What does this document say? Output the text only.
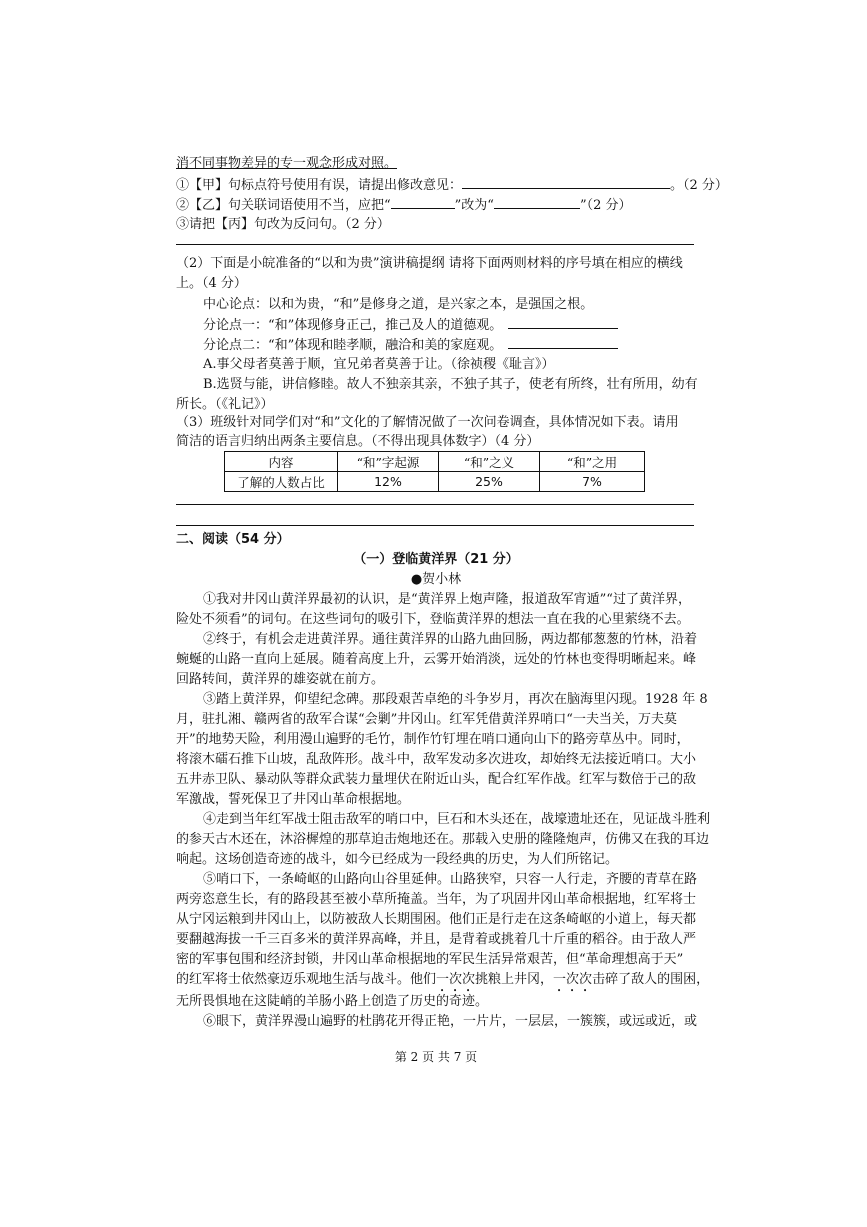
消不同事物差异的专一观念形成对照。
①【甲】句标点符号使用有误，请提出修改意见：	。（2 分）
②【乙】句关联词语使用不当，应把“	”改为“	”（2 分）
③请把【丙】句改为反问句。（2 分）
（2）下面是小皖准备的“以和为贵”演讲稿提纲 请将下面两则材料的序号填在相应的横线
上。（4 分）
中心论点：以和为贵，“和”是修身之道，是兴家之本，是强国之根。
分论点一：“和”体现修身正己，推己及人的道德观。
分论点二：“和”体现和睦孝顺，融洽和美的家庭观。
A.事父母者莫善于顺，宜兄弟者莫善于让。（徐祯稷《耻言》）
B.选贤与能，讲信修睦。故人不独亲其亲，不独子其子，使老有所终，壮有所用，幼有
所长。（《礼记》）
（3）班级针对同学们对“和”文化的了解情况做了一次问卷调查，具体情况如下表。请用
简洁的语言归纳出两条主要信息。（不得出现具体数字）（4 分）
内容	“和”字起源	“和”之义	“和”之用
了解的人数占比	12%	25%	7%
二、阅读（54 分）
（一）登临黄洋界（21 分）
●贺小林
①我对井冈山黄洋界最初的认识，是“黄洋界上炮声隆，报道敌军宵遁”“过了黄洋界，
险处不须看”的词句。在这些词句的吸引下，登临黄洋界的想法一直在我的心里萦绕不去。
②终于，有机会走进黄洋界。通往黄洋界的山路九曲回肠，两边都郁葱葱的竹林，沿着
蜿蜒的山路一直向上延展。随着高度上升，云雾开始消淡，远处的竹林也变得明晰起来。峰
回路转间，黄洋界的雄姿就在前方。
③踏上黄洋界，仰望纪念碑。那段艰苦卓绝的斗争岁月，再次在脑海里闪现。1928 年 8
月，驻扎湘、赣两省的敌军合谋“会剿”井冈山。红军凭借黄洋界哨口“一夫当关，万夫莫
开”的地势天险，利用漫山遍野的毛竹，制作竹钉埋在哨口通向山下的路旁草丛中。同时，
将滚木礌石推下山坡，乱敌阵形。战斗中，敌军发动多次进攻，却始终无法接近哨口。大小
五井赤卫队、暴动队等群众武装力量埋伏在附近山头，配合红军作战。红军与数倍于己的敌
军激战，誓死保卫了井冈山革命根据地。
④走到当年红军战士阻击敌军的哨口中，巨石和木头还在，战壕遗址还在，见证战斗胜利
的参天古木还在，沐浴樨煌的那草迫击炮地还在。那载入史册的隆隆炮声，仿佛又在我的耳边
响起。这场创造奇迹的战斗，如今已经成为一段经典的历史，为人们所铭记。
⑤哨口下，一条崎岖的山路向山谷里延伸。山路狭窄，只容一人行走，齐腰的青草在路
两旁恣意生长，有的路段甚至被小草所掩盖。当年，为了巩固井冈山革命根据地，红军将士
从宁冈运粮到井冈山上，以防被敌人长期围困。他们正是行走在这条崎岖的小道上，每天都
要翻越海拔一千三百多米的黄洋界高峰，并且，是背着或挑着几十斤重的稻谷。由于敌人严
密的军事包围和经济封锁，井冈山革命根据地的军民生活异常艰苦，但“革命理想高于天”
的红军将士依然豪迈乐观地生活与战斗。他们一次次挑粮上井冈，一次次击碎了敌人的围困，
无所畏惧地在这陡峭的羊肠小路上创造了历史的奇迹。
⑥眼下，黄洋界漫山遍野的杜鹃花开得正艳，一片片，一层层，一簇簇，或远或近，或
第 2 页 共 7 页
